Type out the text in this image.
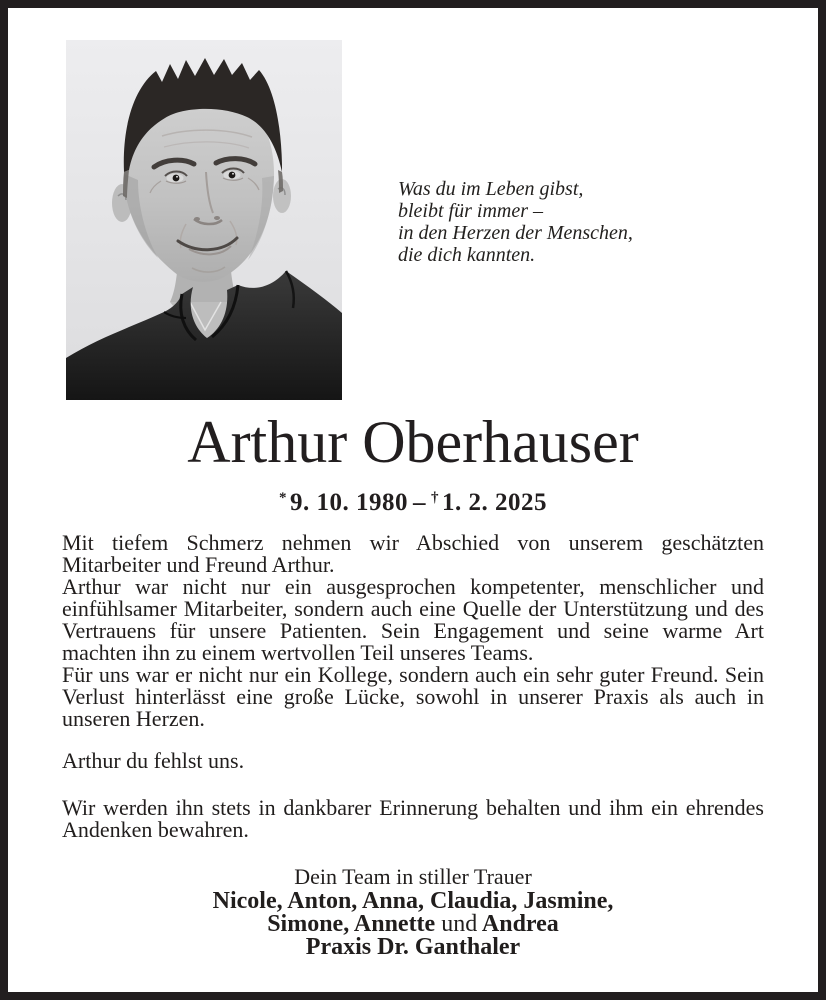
Was du im Leben gibst,
bleibt für immer –
in den Herzen der Menschen,
die dich kannten.
Arthur Oberhauser
* 9. 10. 1980 – † 1. 2. 2025

Mit tiefem Schmerz nehmen wir Abschied von unserem geschätzten Mitarbeiter und Freund Arthur.

Arthur war nicht nur ein ausgesprochen kompetenter, menschlicher und einfühlsamer Mitarbeiter, sondern auch eine Quelle der Unterstützung und des Vertrauens für unsere Patienten. Sein Engagement und seine warme Art machten ihn zu einem wertvollen Teil unseres Teams.

Für uns war er nicht nur ein Kollege, sondern auch ein sehr guter Freund. Sein Verlust hinterlässt eine große Lücke, sowohl in unserer Praxis als auch in unseren Herzen.

Arthur du fehlst uns.

Wir werden ihn stets in dankbarer Erinnerung behalten und ihm ein ehrendes Andenken bewahren.

Dein Team in stiller Trauer
Nicole, Anton, Anna, Claudia, Jasmine,
Simone, Annette und Andrea
Praxis Dr. Ganthaler
